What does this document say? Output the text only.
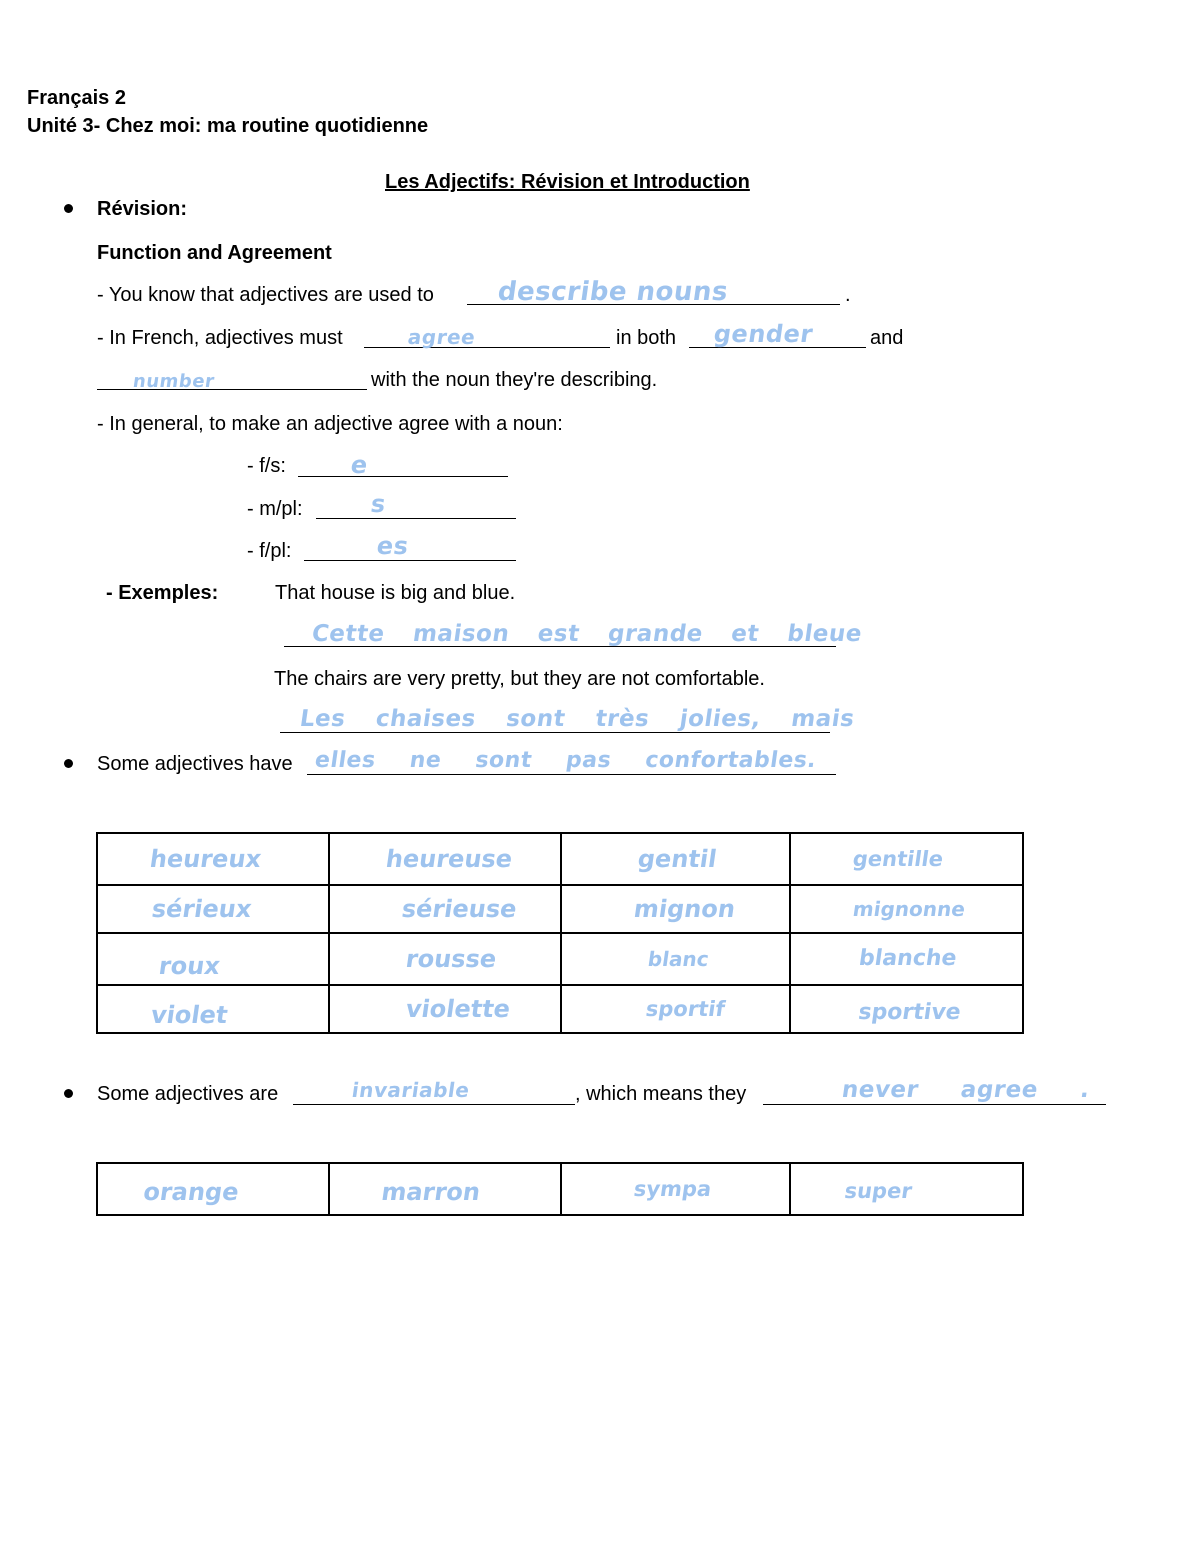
Français 2
Unité 3- Chez moi: ma routine quotidienne
Les Adjectifs: Révision et Introduction
Révision:
Function and Agreement
- You know that adjectives are used to describe nouns	.
- In French, adjectives must	agree	in both gender	and
number	with the noun they're describing.
- In general, to make an adjective agree with a noun:
- f/s:	e
- m/pl:	s
- f/pl:	es
- Exemples:	That house is big and blue.
Cette maison est grande et bleue
The chairs are very pretty, but they are not comfortable.
Les chaises sont très jolies, mais
Some adjectives have elles ne sont pas confortables.
heureux	heureuse	gentil	gentille

sérieux	sérieuse	mignon	mignonne

roux	rousse	blanc	blanche

violet	violette	sportif	sportive
Some adjectives are	invariable	, which means they	never agree .
orange	marron	sympa	super
